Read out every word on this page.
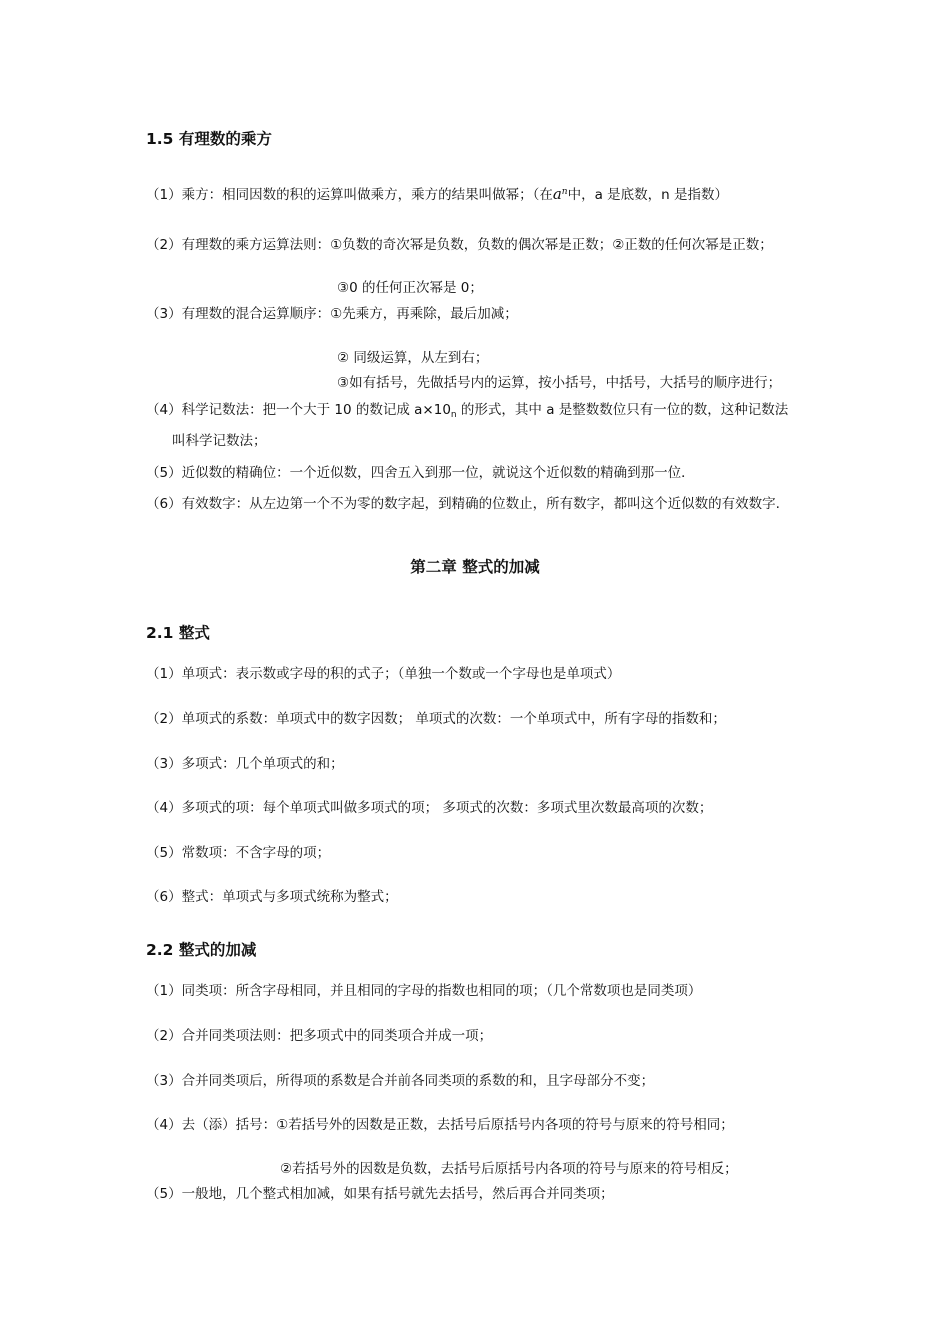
1.5 有理数的乘方
（1）乘方：相同因数的积的运算叫做乘方，乘方的结果叫做幂；（在$a^n$中，a 是底数，n 是指数）
（2）有理数的乘方运算法则：①负数的奇次幂是负数，负数的偶次幂是正数；②正数的任何次幂是正数；
③0 的任何正次幂是 0；
（3）有理数的混合运算顺序：①先乘方，再乘除，最后加减；
② 同级运算，从左到右；
③如有括号，先做括号内的运算，按小括号，中括号，大括号的顺序进行；
（4）科学记数法：把一个大于 10 的数记成 $a\times 10_n$ 的形式，其中 a 是整数数位只有一位的数，这种记数法
叫科学记数法；
（5）近似数的精确位：一个近似数，四舍五入到那一位，就说这个近似数的精确到那一位．
（6）有效数字：从左边第一个不为零的数字起，到精确的位数止，所有数字，都叫这个近似数的有效数字.
第二章 整式的加减
2.1 整式
（1）单项式：表示数或字母的积的式子；（单独一个数或一个字母也是单项式）
（2）单项式的系数：单项式中的数字因数； 单项式的次数：一个单项式中，所有字母的指数和；
（3）多项式：几个单项式的和；
（4）多项式的项：每个单项式叫做多项式的项； 多项式的次数：多项式里次数最高项的次数；
（5）常数项：不含字母的项；
（6）整式：单项式与多项式统称为整式；
2.2 整式的加减
（1）同类项：所含字母相同，并且相同的字母的指数也相同的项；（几个常数项也是同类项）
（2）合并同类项法则：把多项式中的同类项合并成一项；
（3）合并同类项后，所得项的系数是合并前各同类项的系数的和，且字母部分不变；
（4）去（添）括号：①若括号外的因数是正数，去括号后原括号内各项的符号与原来的符号相同；
②若括号外的因数是负数，去括号后原括号内各项的符号与原来的符号相反；
（5）一般地，几个整式相加减，如果有括号就先去括号，然后再合并同类项；
